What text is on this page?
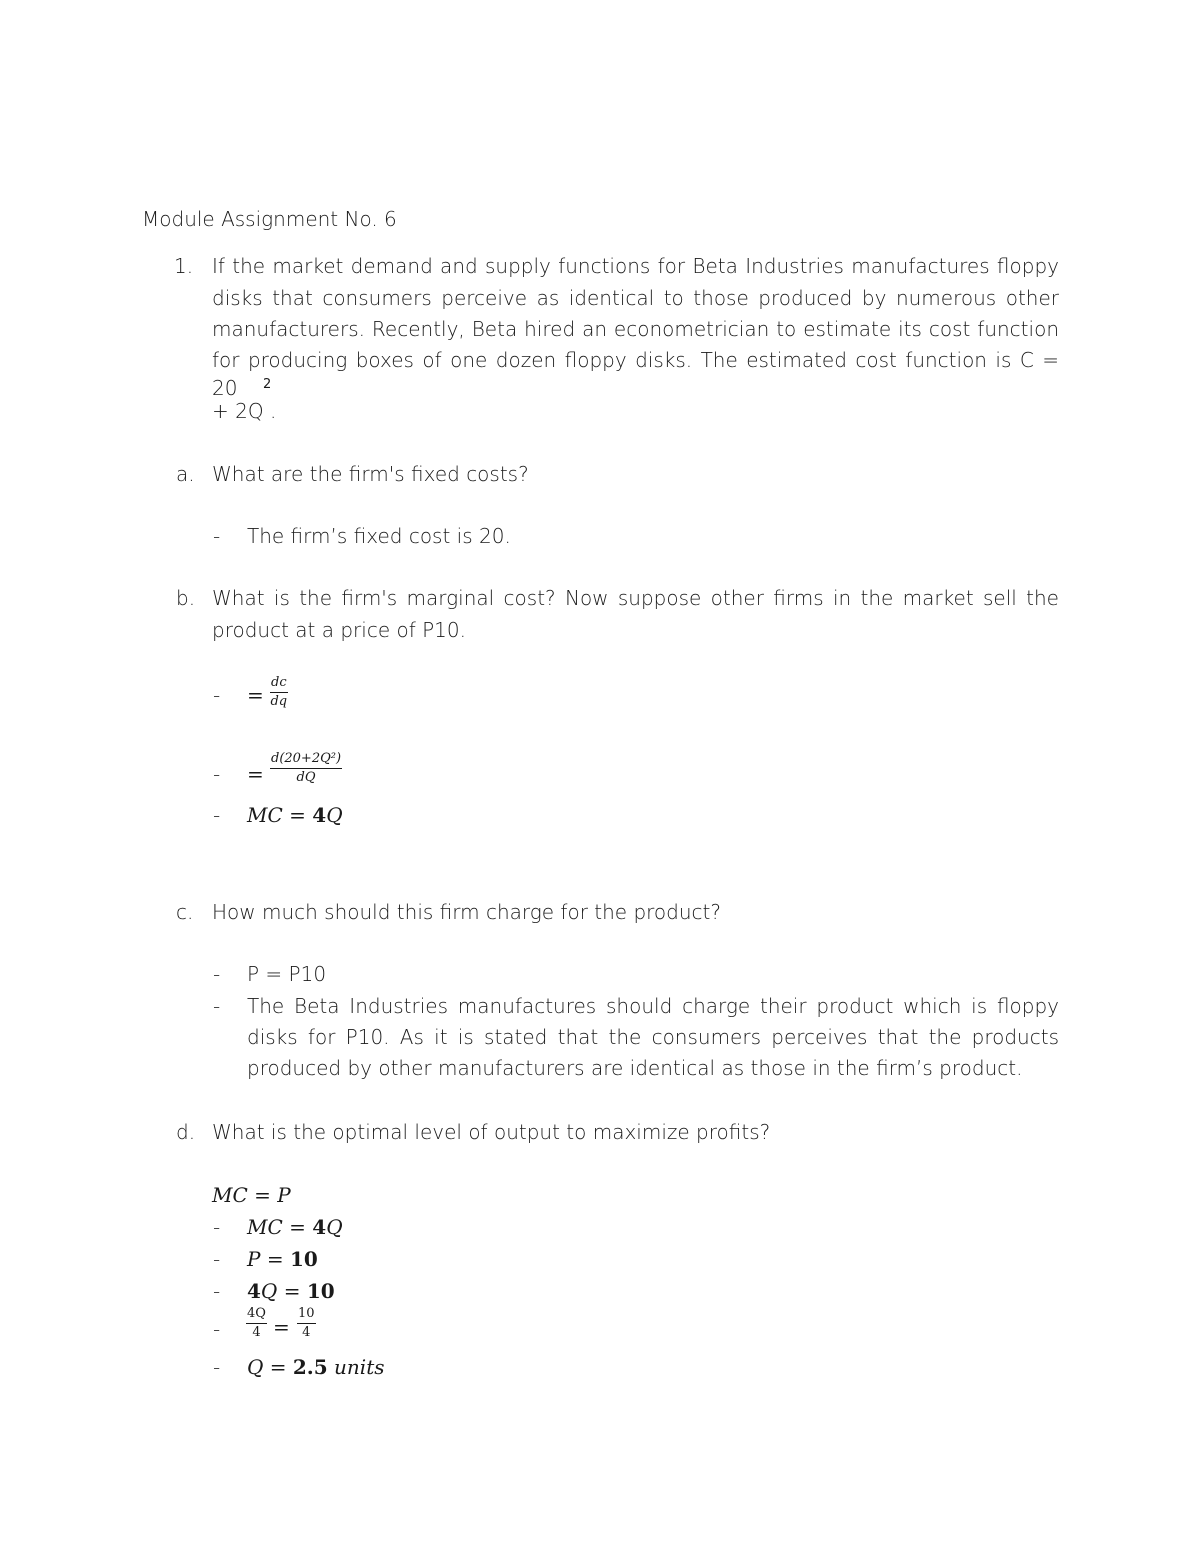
Module Assignment No. 6
1. If the market demand and supply functions for Beta Industries manufactures floppy
disks that consumers perceive as identical to those produced by numerous other
manufacturers. Recently, Beta hired an econometrician to estimate its cost function
for producing boxes of one dozen floppy disks. The estimated cost function is C = 20	2
+ 2Q .
a. What are the firm's fixed costs?
- The firm’s fixed cost is 20.
b. What is the firm's marginal cost? Now suppose other firms in the market sell the
product at a price of P10.
- = $\frac{dc}{dq}$
- = $\frac{\text{d(20+2Q²)}}{dQ}$
- MC = 4Q
c. How much should this firm charge for the product?
- P = P10
- The Beta Industries manufactures should charge their product which is floppy
disks for P10. As it is stated that the consumers perceives that the products
produced by other manufacturers are identical as those in the firm’s product.
d. What is the optimal level of output to maximize profits?
MC = P
- MC = 4Q
- P = 10
- 4Q = 10
- $\frac{4Q}{4} = \frac{10}{4}$
- Q = 2.5 units
